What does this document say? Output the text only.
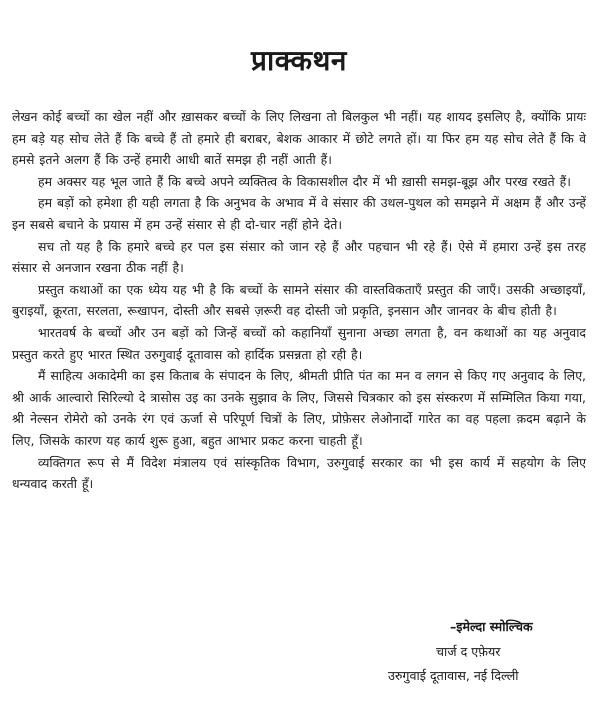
प्राक्कथन

लेखन कोई बच्चों का खेल नहीं और ख़ासकर बच्चों के लिए लिखना तो बिलकुल भी नहीं। यह शायद इसलिए है, क्योंकि प्रायः हम बड़े यह सोच लेते हैं कि बच्चे हैं तो हमारे ही बराबर, बेशक आकार में छोटे लगते हों। या फिर हम यह सोच लेते हैं कि वे हमसे इतने अलग हैं कि उन्हें हमारी आधी बातें समझ ही नहीं आती हैं।

हम अक्सर यह भूल जाते हैं कि बच्चे अपने व्यक्तित्व के विकासशील दौर में भी ख़ासी समझ-बूझ और परख रखते हैं।

हम बड़ों को हमेशा ही यही लगता है कि अनुभव के अभाव में वे संसार की उथल-पुथल को समझने में अक्षम हैं और उन्हें इन सबसे बचाने के प्रयास में हम उन्हें संसार से ही दो-चार नहीं होने देते।

सच तो यह है कि हमारे बच्चे हर पल इस संसार को जान रहे हैं और पहचान भी रहे हैं। ऐसे में हमारा उन्हें इस तरह संसार से अनजान रखना ठीक नहीं है।

प्रस्तुत कथाओं का एक ध्येय यह भी है कि बच्चों के सामने संसार की वास्तविकताएँ प्रस्तुत की जाएँ। उसकी अच्छाइयाँ, बुराइयाँ, क्रूरता, सरलता, रूखापन, दोस्ती और सबसे ज़रूरी वह दोस्ती जो प्रकृति, इनसान और जानवर के बीच होती है।

भारतवर्ष के बच्चों और उन बड़ों को जिन्हें बच्चों को कहानियाँ सुनाना अच्छा लगता है, वन कथाओं का यह अनुवाद प्रस्तुत करते हुए भारत स्थित उरुगुवाई दूतावास को हार्दिक प्रसन्नता हो रही है।

मैं साहित्य अकादेमी का इस किताब के संपादन के लिए, श्रीमती प्रीति पंत का मन व लगन से किए गए अनुवाद के लिए, श्री आर्क आल्वारो सिरिल्यो दे त्रासोस उइ का उनके सुझाव के लिए, जिससे चित्रकार को इस संस्करण में सम्मिलित किया गया, श्री नेल्सन रोमेरो को उनके रंग एवं ऊर्जा से परिपूर्ण चित्रों के लिए, प्रोफ़ेसर लेओनार्दो गारेत का वह पहला क़दम बढ़ाने के लिए, जिसके कारण यह कार्य शुरू हुआ, बहुत आभार प्रकट करना चाहती हूँ।

व्यक्तिगत रूप से मैं विदेश मंत्रालय एवं सांस्कृतिक विभाग, उरुगुवाई सरकार का भी इस कार्य में सहयोग के लिए धन्यवाद करती हूँ।

–इमेल्दा स्मोल्चिक
चार्ज द एफ़ेयर
उरुगुवाई दूतावास, नई दिल्ली
